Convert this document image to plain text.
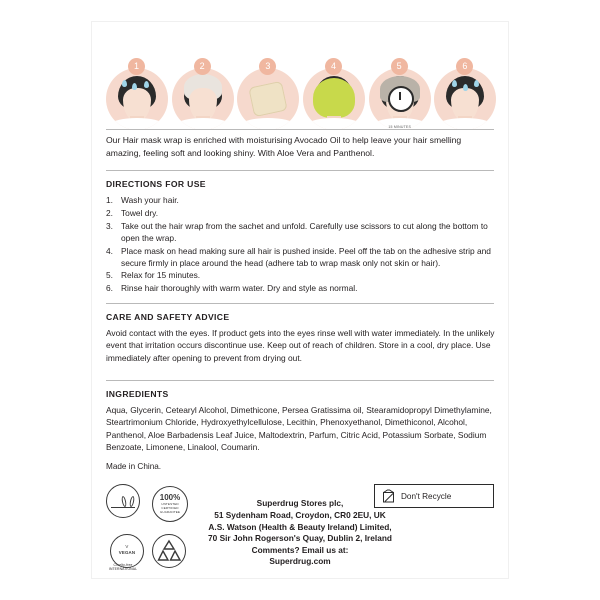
1	2	3	4	5
15 MINUTES
6
Our Hair mask wrap is enriched with moisturising Avocado Oil to help leave your hair smelling amazing, feeling soft and looking shiny. With Aloe Vera and Panthenol.
DIRECTIONS FOR USE
1. Wash your hair.
2. Towel dry.
3. Take out the hair wrap from the sachet and unfold. Carefully use scissors to cut along the bottom to open the wrap.
4. Place mask on head making sure all hair is pushed inside. Peel off the tab on the adhesive strip and secure firmly in place around the head (adhere tab to wrap mask only not skin or hair).
5. Relax for 15 minutes.
6. Rinse hair thoroughly with warm water. Dry and style as normal.
CARE AND SAFETY ADVICE

Avoid contact with the eyes. If product gets into the eyes rinse well with water immediately. In the unlikely event that irritation occurs discontinue use. Keep out of reach of children. Store in a cool, dry place. Use immediately after opening to prevent from drying out.

INGREDIENTS

Aqua, Glycerin, Cetearyl Alcohol, Dimethicone, Persea Gratissima oil, Stearamidopropyl Dimethylamine, Steartrimonium Chloride, Hydroxyethylcellulose, Lecithin, Phenoxyethanol, Dimethiconol, Alcohol, Panthenol, Aloe Barbadensis Leaf Juice, Maltodextrin, Parfum, Citric Acid, Potassium Sorbate, Sodium Benzoate, Limonene, Linalool, Coumarin.

Made in China.
Cruelty-free
INTERNATIONAL
100%
UNTESTED
CERTIFIED
GUARANTEE
V
VEGAN
Don't Recycle
Superdrug Stores plc,
51 Sydenham Road, Croydon, CR0 2EU, UK
A.S. Watson (Health & Beauty Ireland) Limited,
70 Sir John Rogerson's Quay, Dublin 2, Ireland
Comments? Email us at:
Superdrug.com
